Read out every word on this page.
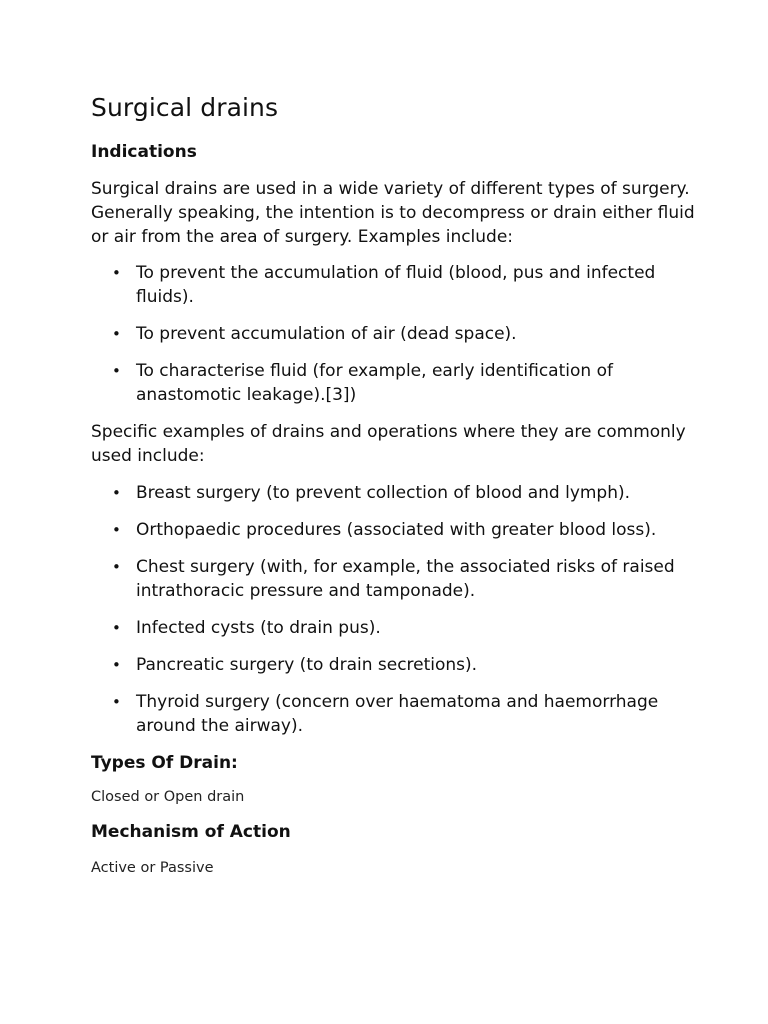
Surgical drains
Indications

Surgical drains are used in a wide variety of different types of surgery. Generally speaking, the intention is to decompress or drain either fluid or air from the area of surgery. Examples include:

• To prevent the accumulation of fluid (blood, pus and infected fluids).
• To prevent accumulation of air (dead space).
• To characterise fluid (for example, early identification of anastomotic leakage).[3])

Specific examples of drains and operations where they are commonly used include:

• Breast surgery (to prevent collection of blood and lymph).
• Orthopaedic procedures (associated with greater blood loss).
• Chest surgery (with, for example, the associated risks of raised intrathoracic pressure and tamponade).
• Infected cysts (to drain pus).
• Pancreatic surgery (to drain secretions).
• Thyroid surgery (concern over haematoma and haemorrhage around the airway).
Types Of Drain:

Closed or Open drain

Mechanism of Action

Active or Passive
